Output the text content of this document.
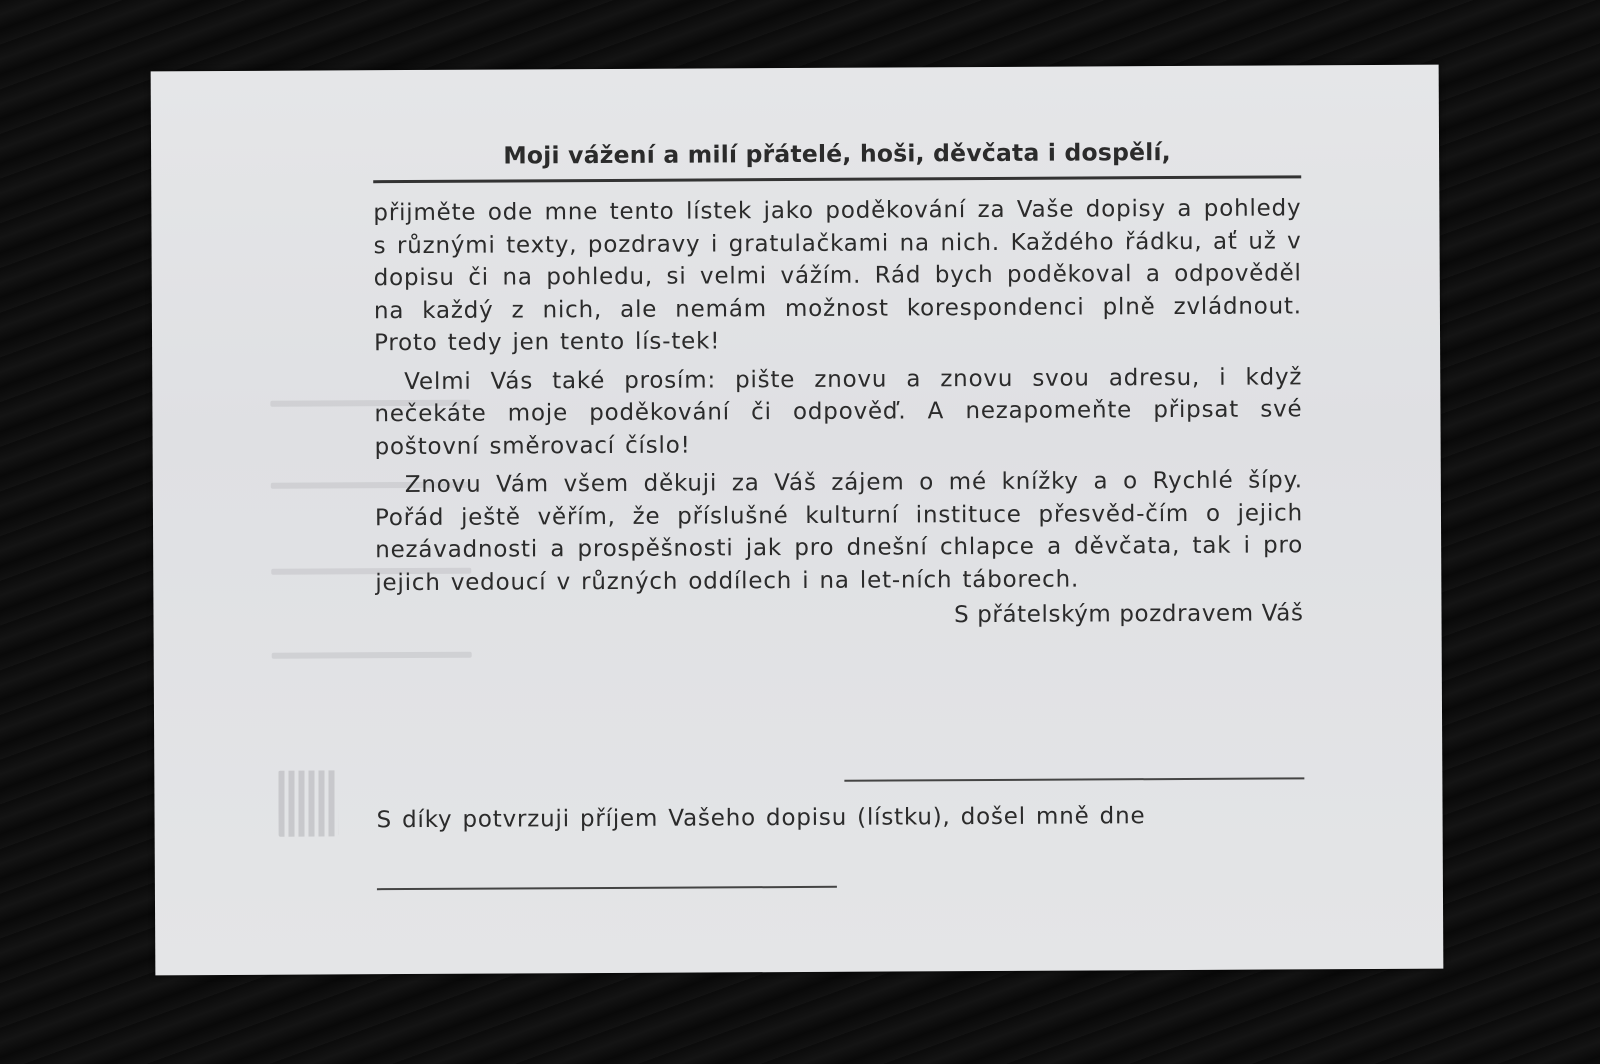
Moji vážení a milí přátelé, hoši, děvčata i dospělí,

přijměte ode mne tento lístek jako poděkování za Vaše dopisy a pohledy s různými texty, pozdravy i gratulačkami na nich. Každého řádku, ať už v dopisu či na pohledu, si velmi vážím. Rád bych poděkoval a odpověděl na každý z nich, ale nemám možnost korespondenci plně zvládnout. Proto tedy jen tento lís-tek!

Velmi Vás také prosím: pište znovu a znovu svou adresu, i když nečekáte moje poděkování či odpověď. A nezapomeňte připsat své poštovní směrovací číslo!

Znovu Vám všem děkuji za Váš zájem o mé knížky a o Rychlé šípy. Pořád ještě věřím, že příslušné kulturní instituce přesvěd-čím o jejich nezávadnosti a prospěšnosti jak pro dnešní chlapce a děvčata, tak i pro jejich vedoucí v různých oddílech i na let-ních táborech.

S přátelským pozdravem Váš

S díky potvrzuji příjem Vašeho dopisu (lístku), došel mně dne
